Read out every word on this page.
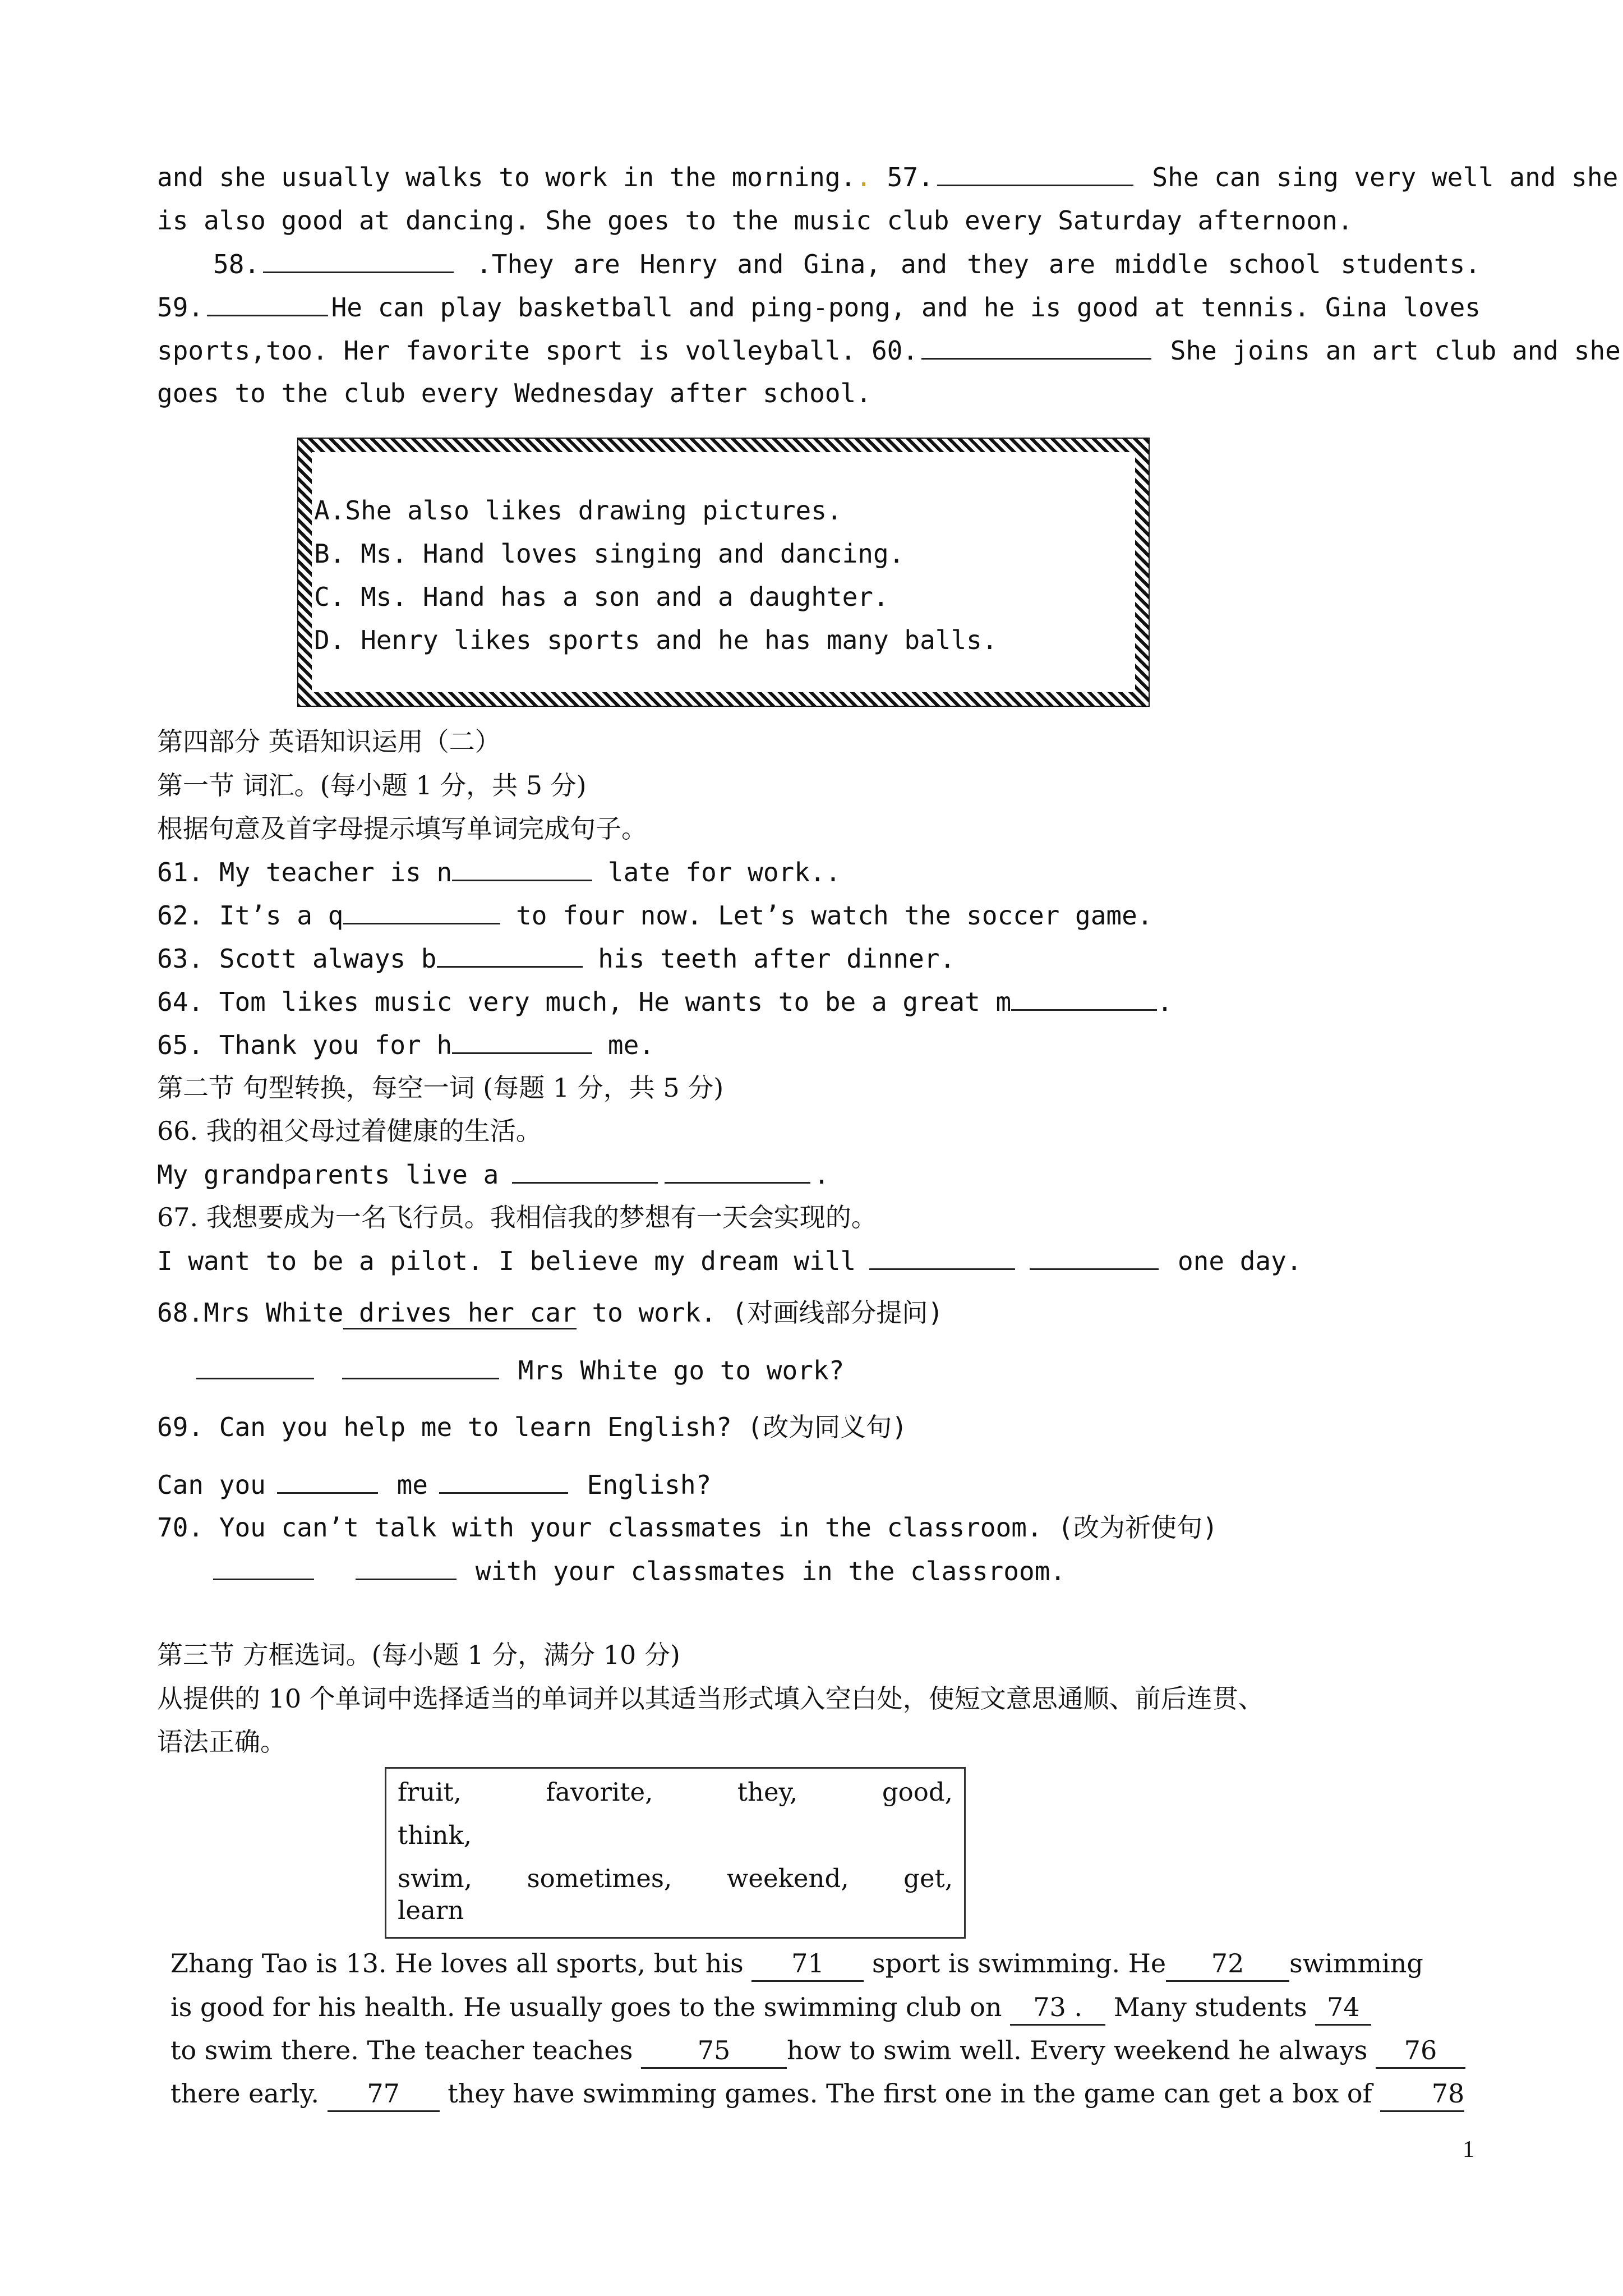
and she usually walks to work in the morning.. 57.	She can sing very well and she
is also good at dancing. She goes to the music club every Saturday afternoon.
58.	.They are Henry and Gina, and they are middle school students.
59.	He can play basketball and ping-pong, and he is good at tennis. Gina loves
sports,too. Her favorite sport is volleyball. 60.	She joins an art club and she
goes to the club every Wednesday after school.
A.She also likes drawing pictures.
B. Ms. Hand loves singing and dancing.
C. Ms. Hand has a son and a daughter.
D. Henry likes sports and he has many balls.
第四部分 英语知识运用（二）
第一节 词汇。(每小题 1 分，共 5 分)
根据句意及首字母提示填写单词完成句子。
61. My teacher is n	late for work..
62. It’s a q	to four now. Let’s watch the soccer game.
63. Scott always b	his teeth after dinner.
64. Tom likes music very much, He wants to be a great m	.
65. Thank you for h	me.
第二节 句型转换，每空一词 (每题 1 分，共 5 分)
66. 我的祖父母过着健康的生活。
My grandparents live a	.
67. 我想要成为一名飞行员。我相信我的梦想有一天会实现的。
I want to be a pilot. I believe my dream will	one day.
68.Mrs White drives her car to work. (对画线部分提问)
Mrs White go to work?
69. Can you help me to learn English? (改为同义句)
Can you	me	English?
70. You can’t talk with your classmates in the classroom. (改为祈使句)
with your classmates in the classroom.
第三节 方框选词。(每小题 1 分，满分 10 分)
从提供的 10 个单词中选择适当的单词并以其适当形式填入空白处，使短文意思通顺、前后连贯、
语法正确。
fruit,	favorite,	they,	good,
think,
swim, sometimes, weekend, get,
learn
Zhang Tao is 13. He loves all sports, but his 71 sport is swimming. He 72 swimming
is good for his health. He usually goes to the swimming club on 73 . Many students 74
to swim there. The teacher teaches 75 how to swim well. Every weekend he always 76
there early. 77 they have swimming games. The first one in the game can get a box of 78
1
